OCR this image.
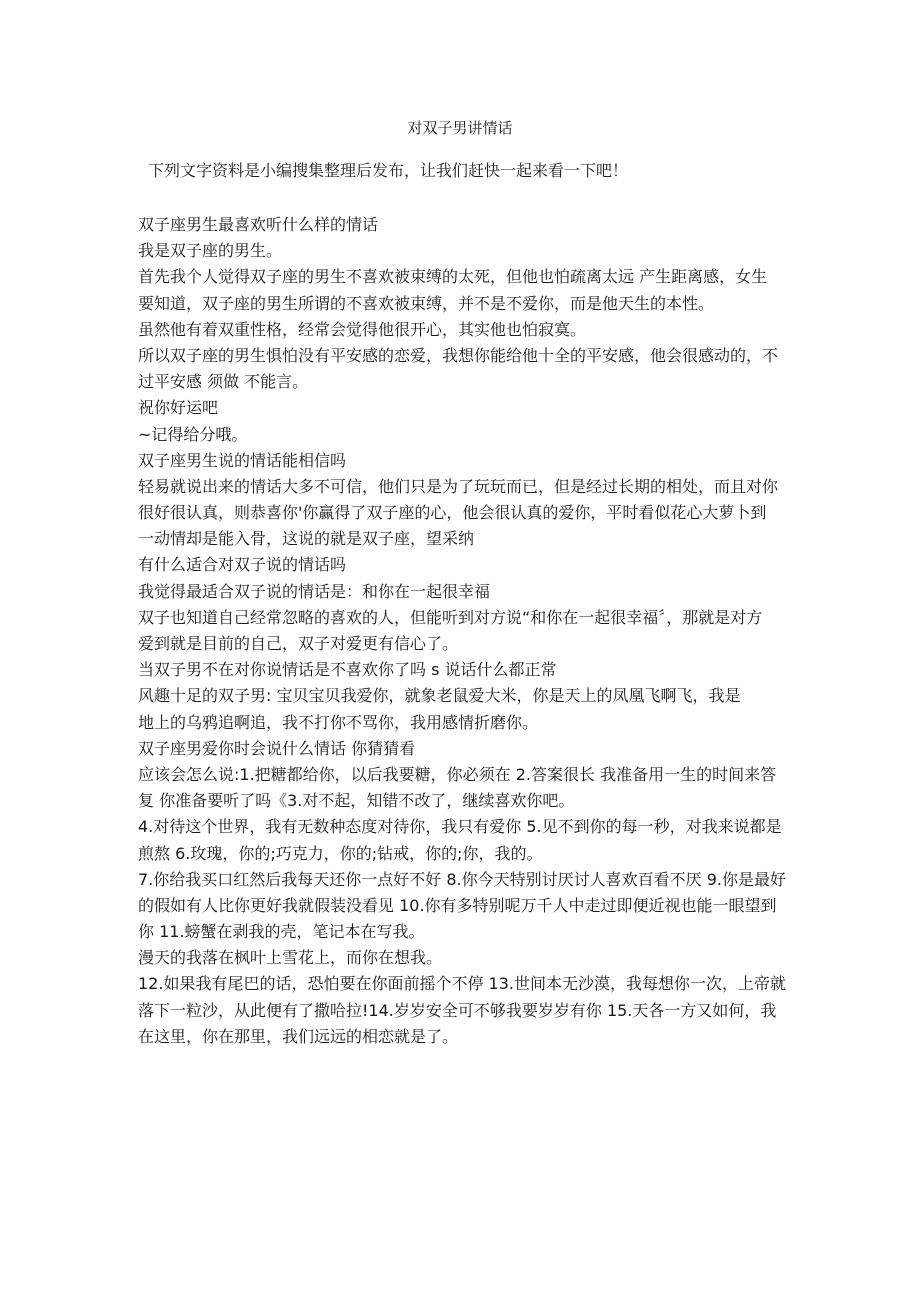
对双子男讲情话
下列文字资料是小编搜集整理后发布，让我们赶快一起来看一下吧！
双子座男生最喜欢听什么样的情话
我是双子座的男生。
首先我个人觉得双子座的男生不喜欢被束缚的太死，但他也怕疏离太远 产生距离感，女生
要知道，双子座的男生所谓的不喜欢被束缚，并不是不爱你，而是他天生的本性。
虽然他有着双重性格，经常会觉得他很开心，其实他也怕寂寞。
所以双子座的男生惧怕没有平安感的恋爱，我想你能给他十全的平安感，他会很感动的，不
过平安感 须做 不能言。
祝你好运吧
~记得给分哦。
双子座男生说的情话能相信吗
轻易就说出来的情话大多不可信，他们只是为了玩玩而已，但是经过长期的相处，而且对你
很好很认真，则恭喜你'你赢得了双子座的心，他会很认真的爱你，平时看似花心大萝卜到
一动情却是能入骨，这说的就是双子座，望采纳
有什么适合对双子说的情话吗
我觉得最适合双子说的情话是：和你在一起很幸福
双子也知道自己经常忽略的喜欢的人，但能听到对方说“和你在一起很幸福〞，那就是对方
爱到就是目前的自己，双子对爱更有信心了。
当双子男不在对你说情话是不喜欢你了吗 s 说话什么都正常
风趣十足的双子男: 宝贝宝贝我爱你，就象老鼠爱大米，你是天上的凤凰飞啊飞，我是
地上的乌鸦追啊追，我不打你不骂你，我用感情折磨你。
双子座男爱你时会说什么情话 你猜猜看
应该会怎么说:1.把糖都给你，以后我要糖，你必须在 2.答案很长 我准备用一生的时间来答
复 你准备要听了吗《3.对不起，知错不改了，继续喜欢你吧。
4.对待这个世界，我有无数种态度对待你，我只有爱你 5.见不到你的每一秒，对我来说都是
煎熬 6.玫瑰，你的;巧克力，你的;钻戒，你的;你，我的。
7.你给我买口红然后我每天还你一点好不好 8.你今天特别讨厌讨人喜欢百看不厌 9.你是最好
的假如有人比你更好我就假装没看见 10.你有多特别呢万千人中走过即便近视也能一眼望到
你 11.螃蟹在剥我的壳，笔记本在写我。
漫天的我落在枫叶上雪花上，而你在想我。
12.如果我有尾巴的话，恐怕要在你面前摇个不停 13.世间本无沙漠，我每想你一次，上帝就
落下一粒沙，从此便有了撒哈拉!14.岁岁安全可不够我要岁岁有你 15.天各一方又如何，我
在这里，你在那里，我们远远的相恋就是了。
